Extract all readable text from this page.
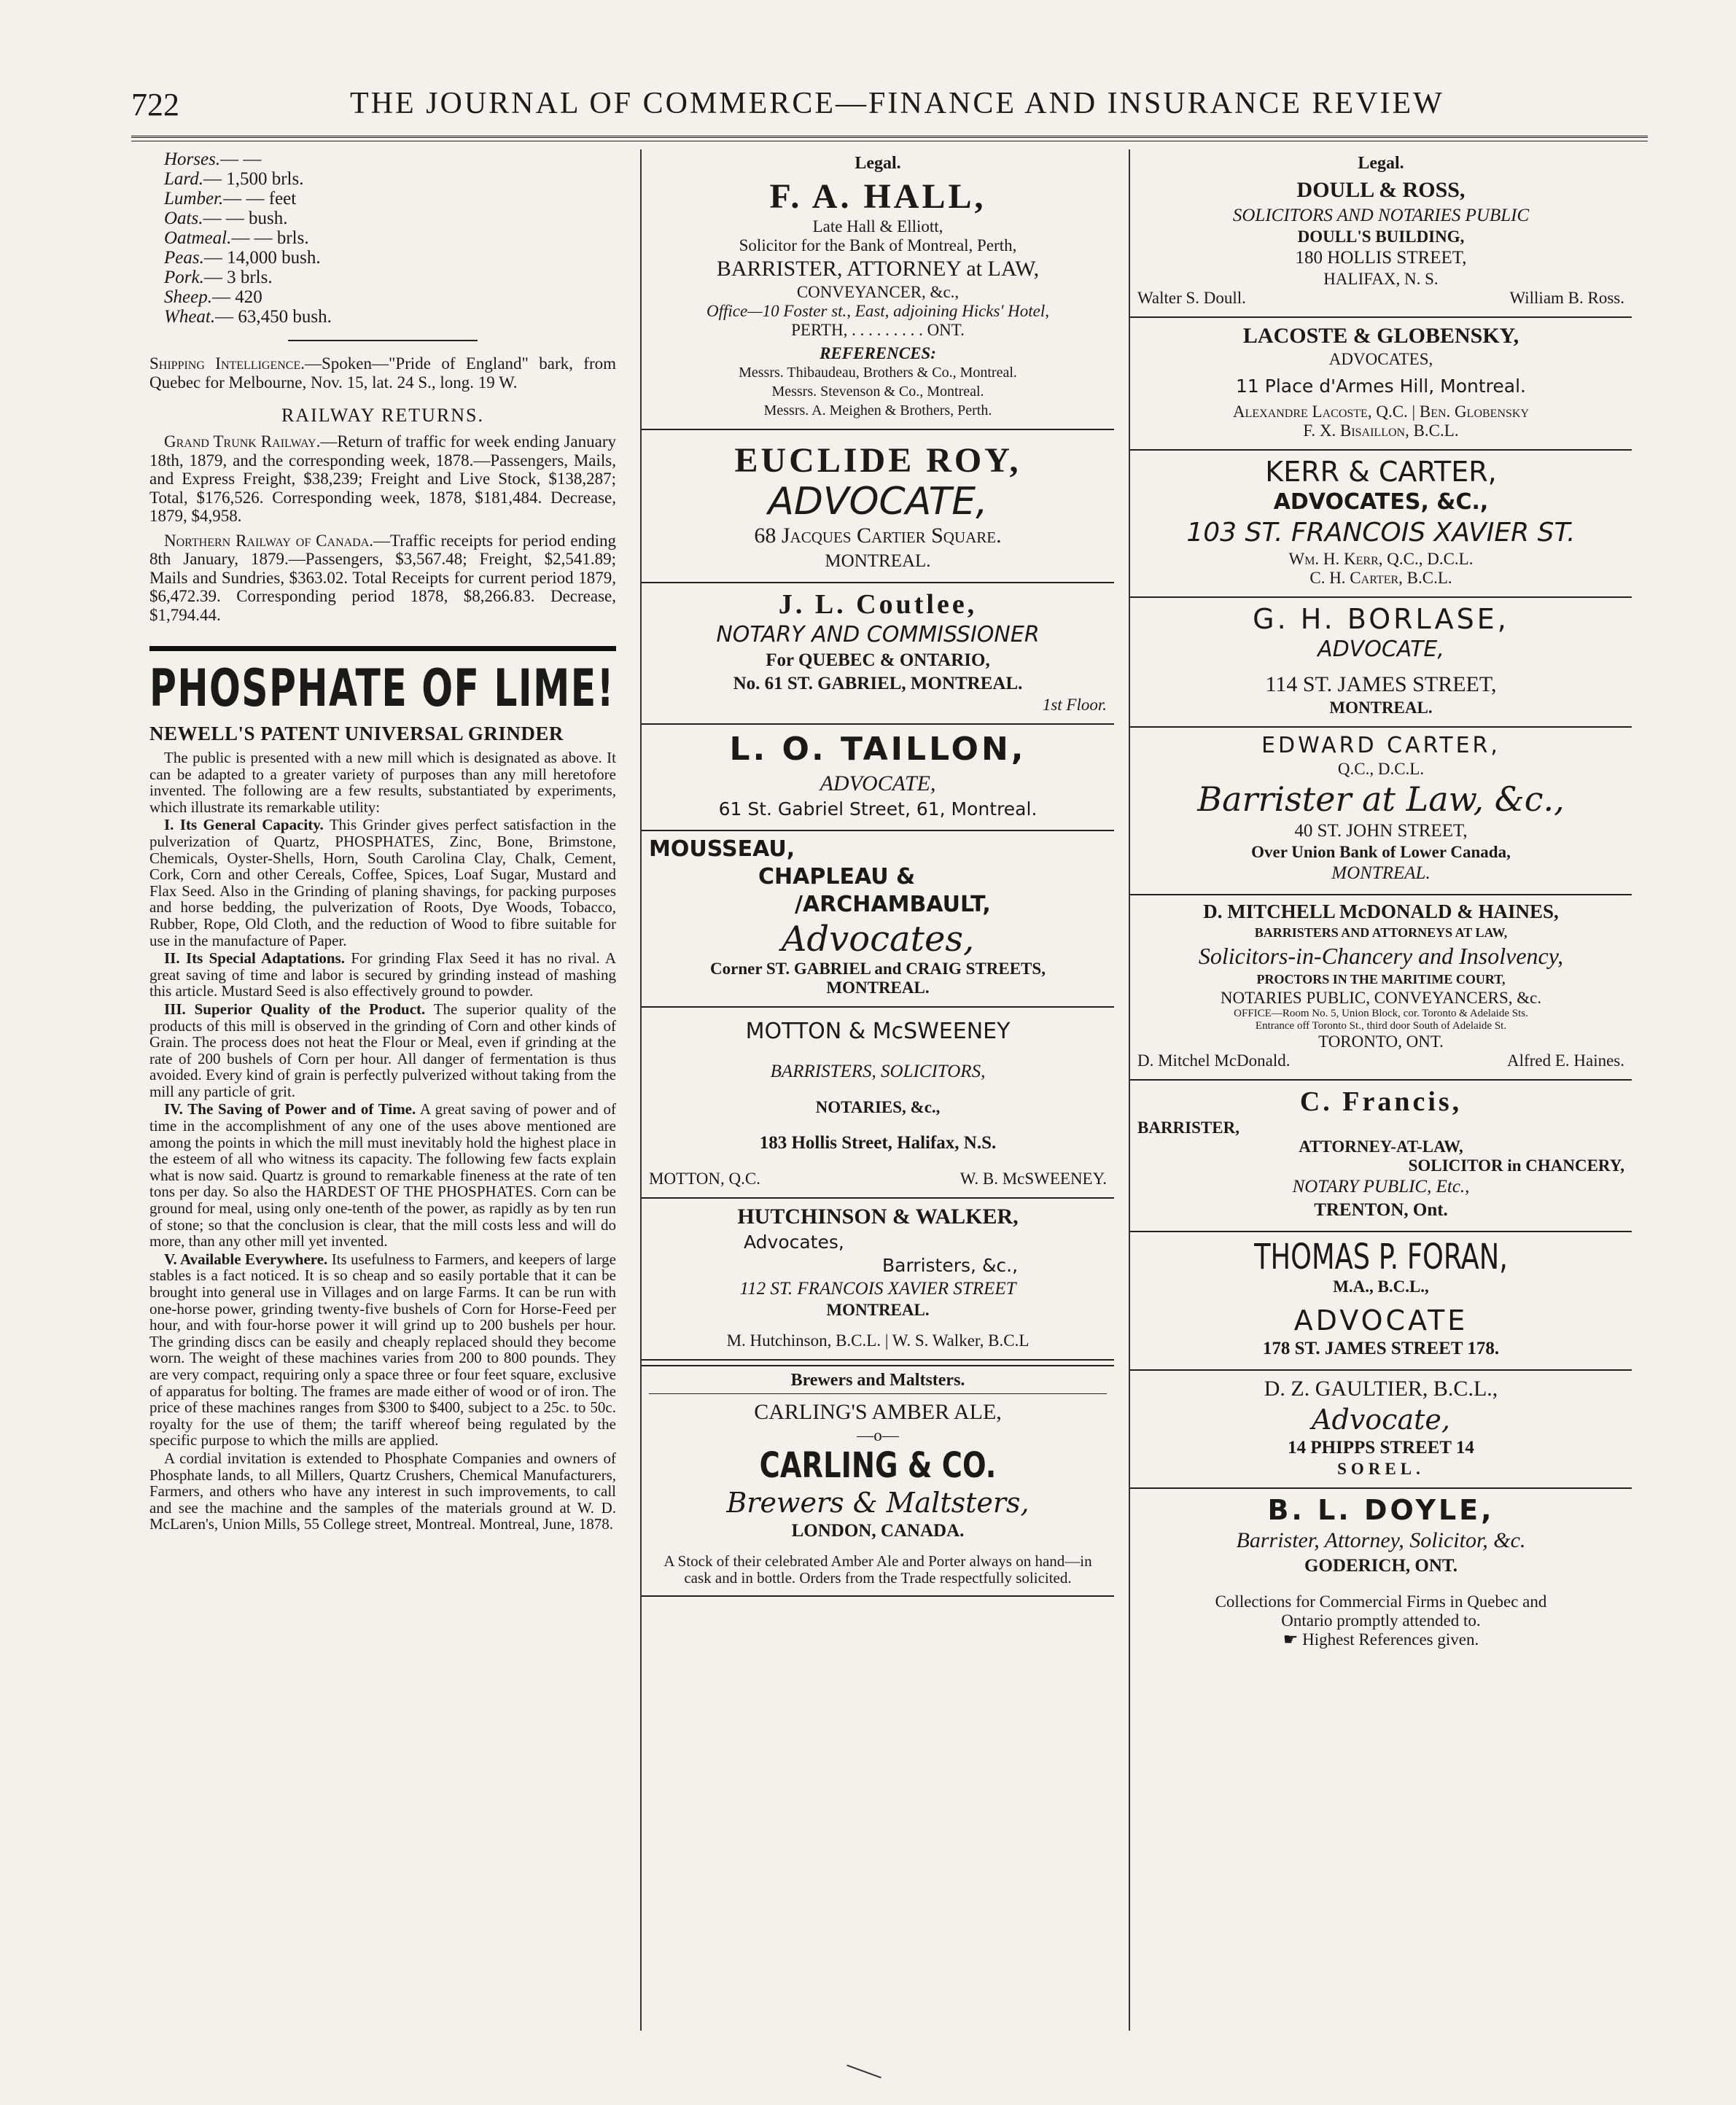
722	THE JOURNAL OF COMMERCE—FINANCE AND INSURANCE REVIEW
Horses.— —
Lard.— 1,500 brls.
Lumber.— — feet
Oats.— — bush.
Oatmeal.— — brls.
Peas.— 14,000 bush.
Pork.— 3 brls.
Sheep.— 420
Wheat.— 63,450 bush.
Shipping Intelligence.—Spoken—"Pride of England" bark, from Quebec for Melbourne, Nov. 15, lat. 24 S., long. 19 W.
RAILWAY RETURNS.
Grand Trunk Railway.—Return of traffic for week ending January 18th, 1879, and the corresponding week, 1878.—Passengers, Mails, and Express Freight, $38,239; Freight and Live Stock, $138,287; Total, $176,526. Corresponding week, 1878, $181,484. Decrease, 1879, $4,958.
Northern Railway of Canada.—Traffic receipts for period ending 8th January, 1879.—Passengers, $3,567.48; Freight, $2,541.89; Mails and Sundries, $363.02. Total Receipts for current period 1879, $6,472.39. Corresponding period 1878, $8,266.83. Decrease, $1,794.44.
PHOSPHATE OF LIME!
NEWELL'S PATENT UNIVERSAL GRINDER
The public is presented with a new mill which is designated as above. It can be adapted to a greater variety of purposes than any mill heretofore invented. The following are a few results, substantiated by experiments, which illustrate its remarkable utility:
I. Its General Capacity. This Grinder gives perfect satisfaction in the pulverization of Quartz, PHOSPHATES, Zinc, Bone, Brimstone, Chemicals, Oyster-Shells, Horn, South Carolina Clay, Chalk, Cement, Cork, Corn and other Cereals, Coffee, Spices, Loaf Sugar, Mustard and Flax Seed. Also in the Grinding of planing shavings, for packing purposes and horse bedding, the pulverization of Roots, Dye Woods, Tobacco, Rubber, Rope, Old Cloth, and the reduction of Wood to fibre suitable for use in the manufacture of Paper.
II. Its Special Adaptations. For grinding Flax Seed it has no rival. A great saving of time and labor is secured by grinding instead of mashing this article. Mustard Seed is also effectively ground to powder.
III. Superior Quality of the Product. The superior quality of the products of this mill is observed in the grinding of Corn and other kinds of Grain. The process does not heat the Flour or Meal, even if grinding at the rate of 200 bushels of Corn per hour. All danger of fermentation is thus avoided. Every kind of grain is perfectly pulverized without taking from the mill any particle of grit.
IV. The Saving of Power and of Time. A great saving of power and of time in the accomplishment of any one of the uses above mentioned are among the points in which the mill must inevitably hold the highest place in the esteem of all who witness its capacity. The following few facts explain what is now said. Quartz is ground to remarkable fineness at the rate of ten tons per day. So also the HARDEST OF THE PHOSPHATES. Corn can be ground for meal, using only one-tenth of the power, as rapidly as by ten run of stone; so that the conclusion is clear, that the mill costs less and will do more, than any other mill yet invented.
V. Available Everywhere. Its usefulness to Farmers, and keepers of large stables is a fact noticed. It is so cheap and so easily portable that it can be brought into general use in Villages and on large Farms. It can be run with one-horse power, grinding twenty-five bushels of Corn for Horse-Feed per hour, and with four-horse power it will grind up to 200 bushels per hour. The grinding discs can be easily and cheaply replaced should they become worn. The weight of these machines varies from 200 to 800 pounds. They are very compact, requiring only a space three or four feet square, exclusive of apparatus for bolting. The frames are made either of wood or of iron. The price of these machines ranges from $300 to $400, subject to a 25c. to 50c. royalty for the use of them; the tariff whereof being regulated by the specific purpose to which the mills are applied.
A cordial invitation is extended to Phosphate Companies and owners of Phosphate lands, to all Millers, Quartz Crushers, Chemical Manufacturers, Farmers, and others who have any interest in such improvements, to call and see the machine and the samples of the materials ground at W. D. McLaren's, Union Mills, 55 College street, Montreal. Montreal, June, 1878.
Legal.
F. A. HALL,
Late Hall & Elliott,
Solicitor for the Bank of Montreal, Perth,
BARRISTER, ATTORNEY at LAW,
CONVEYANCER, &c.,
Office—10 Foster st., East, adjoining Hicks' Hotel,
PERTH, . . . . . . . . . ONT.
REFERENCES:
Messrs. Thibaudeau, Brothers & Co., Montreal.
Messrs. Stevenson & Co., Montreal.
Messrs. A. Meighen & Brothers, Perth.
EUCLIDE ROY,
ADVOCATE,
68 Jacques Cartier Square.
MONTREAL.
J. L. Coutlee,
NOTARY AND COMMISSIONER
For QUEBEC & ONTARIO,
No. 61 ST. GABRIEL, MONTREAL.
1st Floor.
L. O. TAILLON,
ADVOCATE,
61 St. Gabriel Street, 61, Montreal.
MOUSSEAU,
CHAPLEAU &
/ARCHAMBAULT,
Advocates,
Corner ST. GABRIEL and CRAIG STREETS,
MONTREAL.
MOTTON & McSWEENEY
BARRISTERS, SOLICITORS,
NOTARIES, &c.,
183 Hollis Street, Halifax, N.S.
MOTTON, Q.C.	W. B. McSWEENEY.
HUTCHINSON & WALKER,
Advocates,
Barristers, &c.,
112 ST. FRANCOIS XAVIER STREET
MONTREAL.
M. Hutchinson, B.C.L. | W. S. Walker, B.C.L
Brewers and Maltsters.
CARLING'S AMBER ALE,
—o—
CARLING & CO.
Brewers & Maltsters,
LONDON, CANADA.
A Stock of their celebrated Amber Ale and Porter always on hand—in cask and in bottle. Orders from the Trade respectfully solicited.
Legal.
DOULL & ROSS,
SOLICITORS AND NOTARIES PUBLIC
DOULL'S BUILDING,
180 HOLLIS STREET,
HALIFAX, N. S.
Walter S. Doull.	William B. Ross.
LACOSTE & GLOBENSKY,
ADVOCATES,
11 Place d'Armes Hill, Montreal.
Alexandre Lacoste, Q.C. | Ben. Globensky
F. X. Bisaillon, B.C.L.
KERR & CARTER,
ADVOCATES, &C.,
103 ST. FRANCOIS XAVIER ST.
Wm. H. Kerr, Q.C., D.C.L.
C. H. Carter, B.C.L.
G. H. BORLASE,
ADVOCATE,
114 ST. JAMES STREET,
MONTREAL.
EDWARD CARTER,
Q.C., D.C.L.
Barrister at Law, &c.,
40 ST. JOHN STREET,
Over Union Bank of Lower Canada,
MONTREAL.
D. MITCHELL McDONALD & HAINES,
BARRISTERS AND ATTORNEYS AT LAW,
Solicitors-in-Chancery and Insolvency,
PROCTORS IN THE MARITIME COURT,
NOTARIES PUBLIC, CONVEYANCERS, &c.
OFFICE—Room No. 5, Union Block, cor. Toronto & Adelaide Sts.
Entrance off Toronto St., third door South of Adelaide St.
TORONTO, ONT.
D. Mitchel McDonald.	Alfred E. Haines.
C. Francis,
BARRISTER,
ATTORNEY-AT-LAW,
SOLICITOR in CHANCERY,
NOTARY PUBLIC, Etc.,
TRENTON, Ont.
THOMAS P. FORAN,
M.A., B.C.L.,
ADVOCATE
178 ST. JAMES STREET 178.
D. Z. GAULTIER, B.C.L.,
Advocate,
14 PHIPPS STREET 14
SOREL.
B. L. DOYLE,
Barrister, Attorney, Solicitor, &c.
GODERICH, ONT.
Collections for Commercial Firms in Quebec and
Ontario promptly attended to.
☛ Highest References given.
